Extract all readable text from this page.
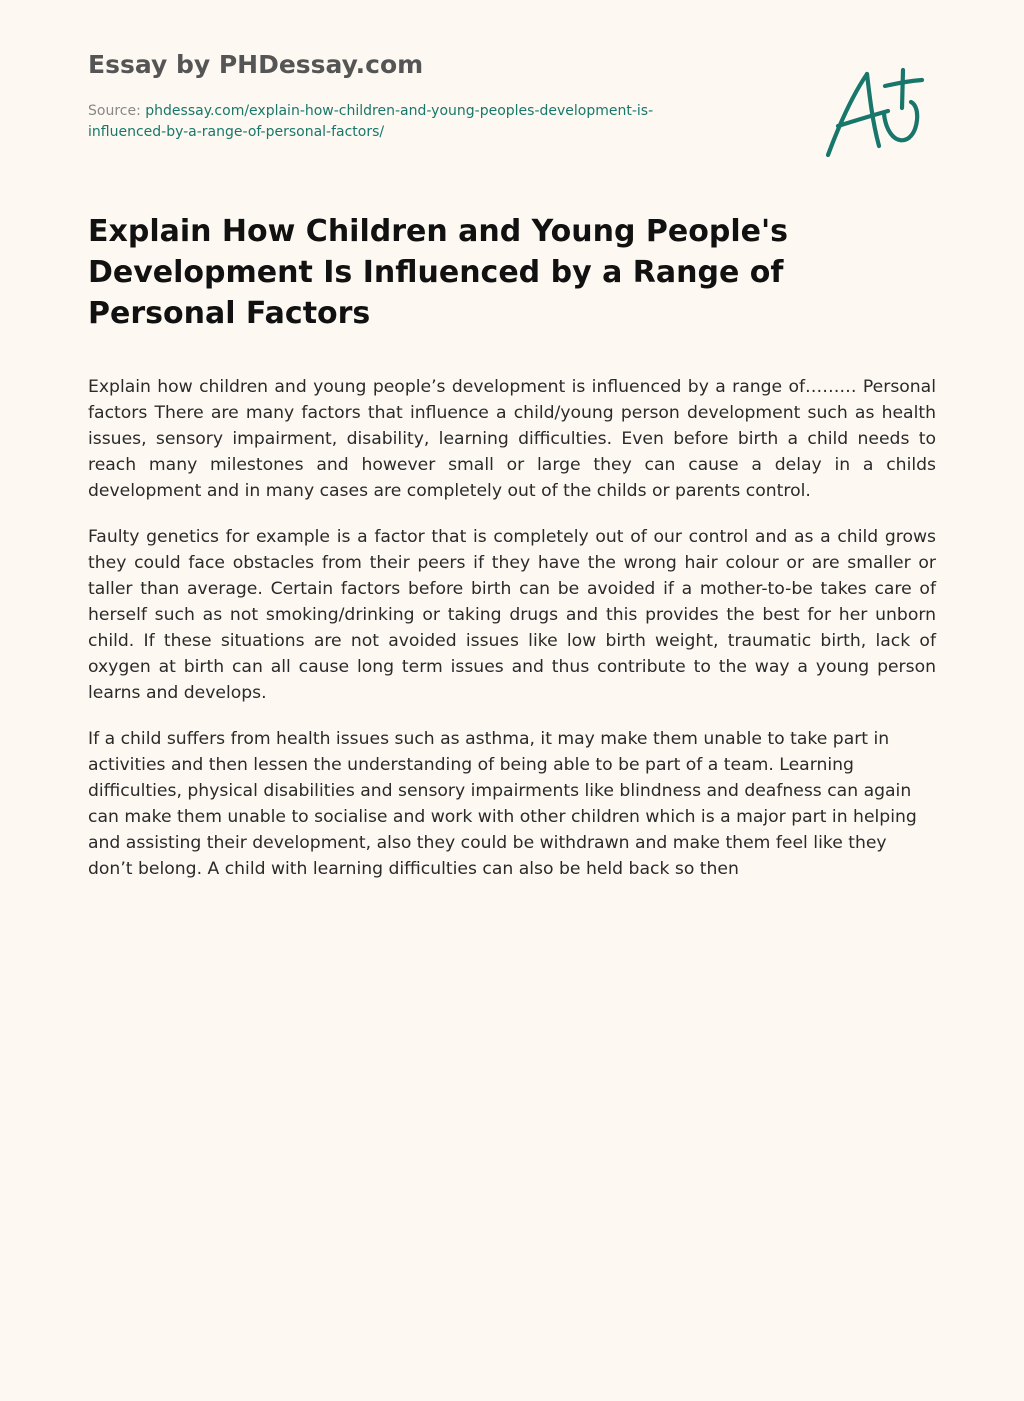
Essay by PHDessay.com
Source: phdessay.com/explain-how-children-and-young-peoples-development-is-influenced-by-a-range-of-personal-factors/
Explain How Children and Young People's Development Is Influenced by a Range of Personal Factors

Explain how children and young people’s development is influenced by a range of……… Personal factors There are many factors that influence a child/young person development such as health issues, sensory impairment, disability, learning difficulties. Even before birth a child needs to reach many milestones and however small or large they can cause a delay in a childs development and in many cases are completely out of the childs or parents control.

Faulty genetics for example is a factor that is completely out of our control and as a child grows they could face obstacles from their peers if they have the wrong hair colour or are smaller or taller than average. Certain factors before birth can be avoided if a mother-to-be takes care of herself such as not smoking/drinking or taking drugs and this provides the best for her unborn child. If these situations are not avoided issues like low birth weight, traumatic birth, lack of oxygen at birth can all cause long term issues and thus contribute to the way a young person learns and develops.

If a child suffers from health issues such as asthma, it may make them unable to take part in activities and then lessen the understanding of being able to be part of a team. Learning difficulties, physical disabilities and sensory impairments like blindness and deafness can again can make them unable to socialise and work with other children which is a major part in helping and assisting their development, also they could be withdrawn and make them feel like they don’t belong. A child with learning difficulties can also be held back so then
